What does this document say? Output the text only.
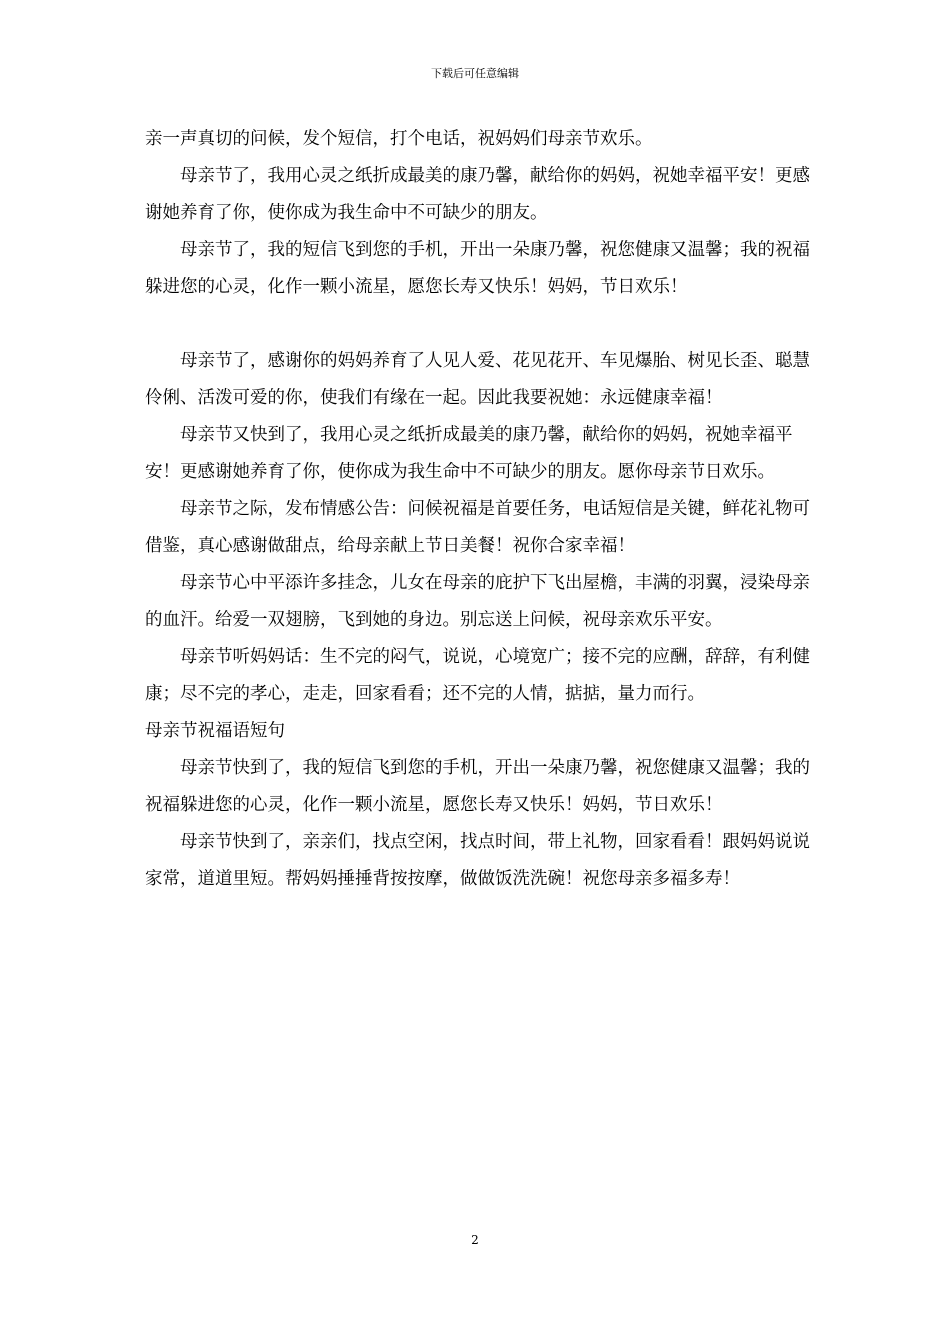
下载后可任意编辑

亲一声真切的问候，发个短信，打个电话，祝妈妈们母亲节欢乐。

母亲节了，我用心灵之纸折成最美的康乃馨，献给你的妈妈，祝她幸福平安！更感谢她养育了你，使你成为我生命中不可缺少的朋友。

母亲节了，我的短信飞到您的手机，开出一朵康乃馨，祝您健康又温馨；我的祝福躲进您的心灵，化作一颗小流星，愿您长寿又快乐！妈妈，节日欢乐！

母亲节了，感谢你的妈妈养育了人见人爱、花见花开、车见爆胎、树见长歪、聪慧伶俐、活泼可爱的你，使我们有缘在一起。因此我要祝她：永远健康幸福！

母亲节又快到了，我用心灵之纸折成最美的康乃馨，献给你的妈妈，祝她幸福平安！更感谢她养育了你，使你成为我生命中不可缺少的朋友。愿你母亲节日欢乐。

母亲节之际，发布情感公告：问候祝福是首要任务，电话短信是关键，鲜花礼物可借鉴，真心感谢做甜点，给母亲献上节日美餐！祝你合家幸福！

母亲节心中平添许多挂念，儿女在母亲的庇护下飞出屋檐，丰满的羽翼，浸染母亲的血汗。给爱一双翅膀，飞到她的身边。别忘送上问候，祝母亲欢乐平安。

母亲节听妈妈话：生不完的闷气，说说，心境宽广；接不完的应酬，辞辞，有利健康；尽不完的孝心，走走，回家看看；还不完的人情，掂掂，量力而行。

母亲节祝福语短句

母亲节快到了，我的短信飞到您的手机，开出一朵康乃馨，祝您健康又温馨；我的祝福躲进您的心灵，化作一颗小流星，愿您长寿又快乐！妈妈，节日欢乐！

母亲节快到了，亲亲们，找点空闲，找点时间，带上礼物，回家看看！跟妈妈说说家常，道道里短。帮妈妈捶捶背按按摩，做做饭洗洗碗！祝您母亲多福多寿！

2
